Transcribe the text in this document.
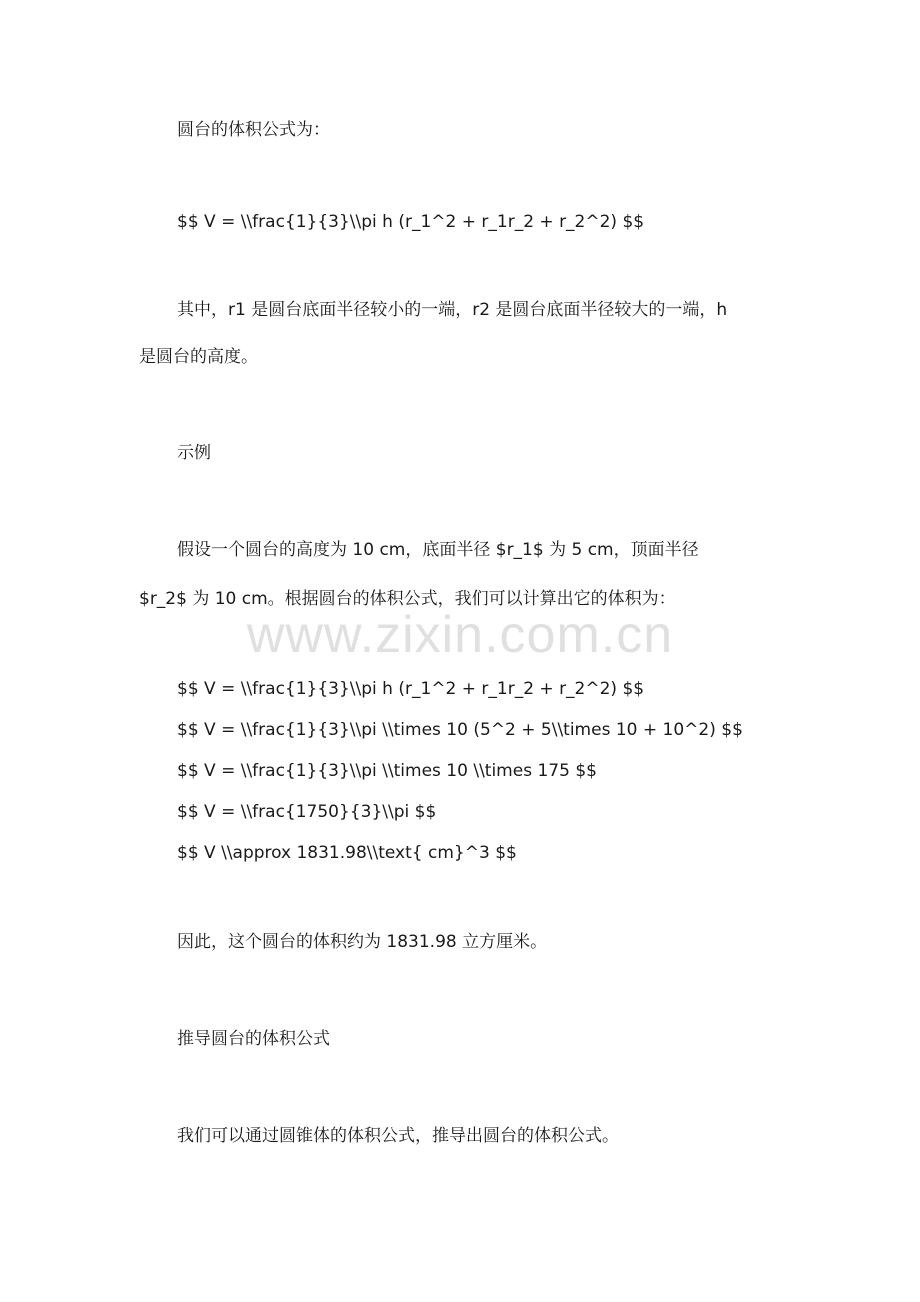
圆台的体积公式为：
$$ V = \\frac{1}{3}\\pi h (r_1^2 + r_1r_2 + r_2^2) $$
其中，r1 是圆台底面半径较小的一端，r2 是圆台底面半径较大的一端，h
是圆台的高度。
示例
假设一个圆台的高度为 10 cm，底面半径 $r_1$ 为 5 cm，顶面半径
$r_2$ 为 10 cm。根据圆台的体积公式，我们可以计算出它的体积为：
www.zixin.com.cn
$$ V = \\frac{1}{3}\\pi h (r_1^2 + r_1r_2 + r_2^2) $$
$$ V = \\frac{1}{3}\\pi \\times 10 (5^2 + 5\\times 10 + 10^2) $$
$$ V = \\frac{1}{3}\\pi \\times 10 \\times 175 $$
$$ V = \\frac{1750}{3}\\pi $$
$$ V \\approx 1831.98\\text{ cm}^3 $$
因此，这个圆台的体积约为 1831.98 立方厘米。
推导圆台的体积公式
我们可以通过圆锥体的体积公式，推导出圆台的体积公式。
